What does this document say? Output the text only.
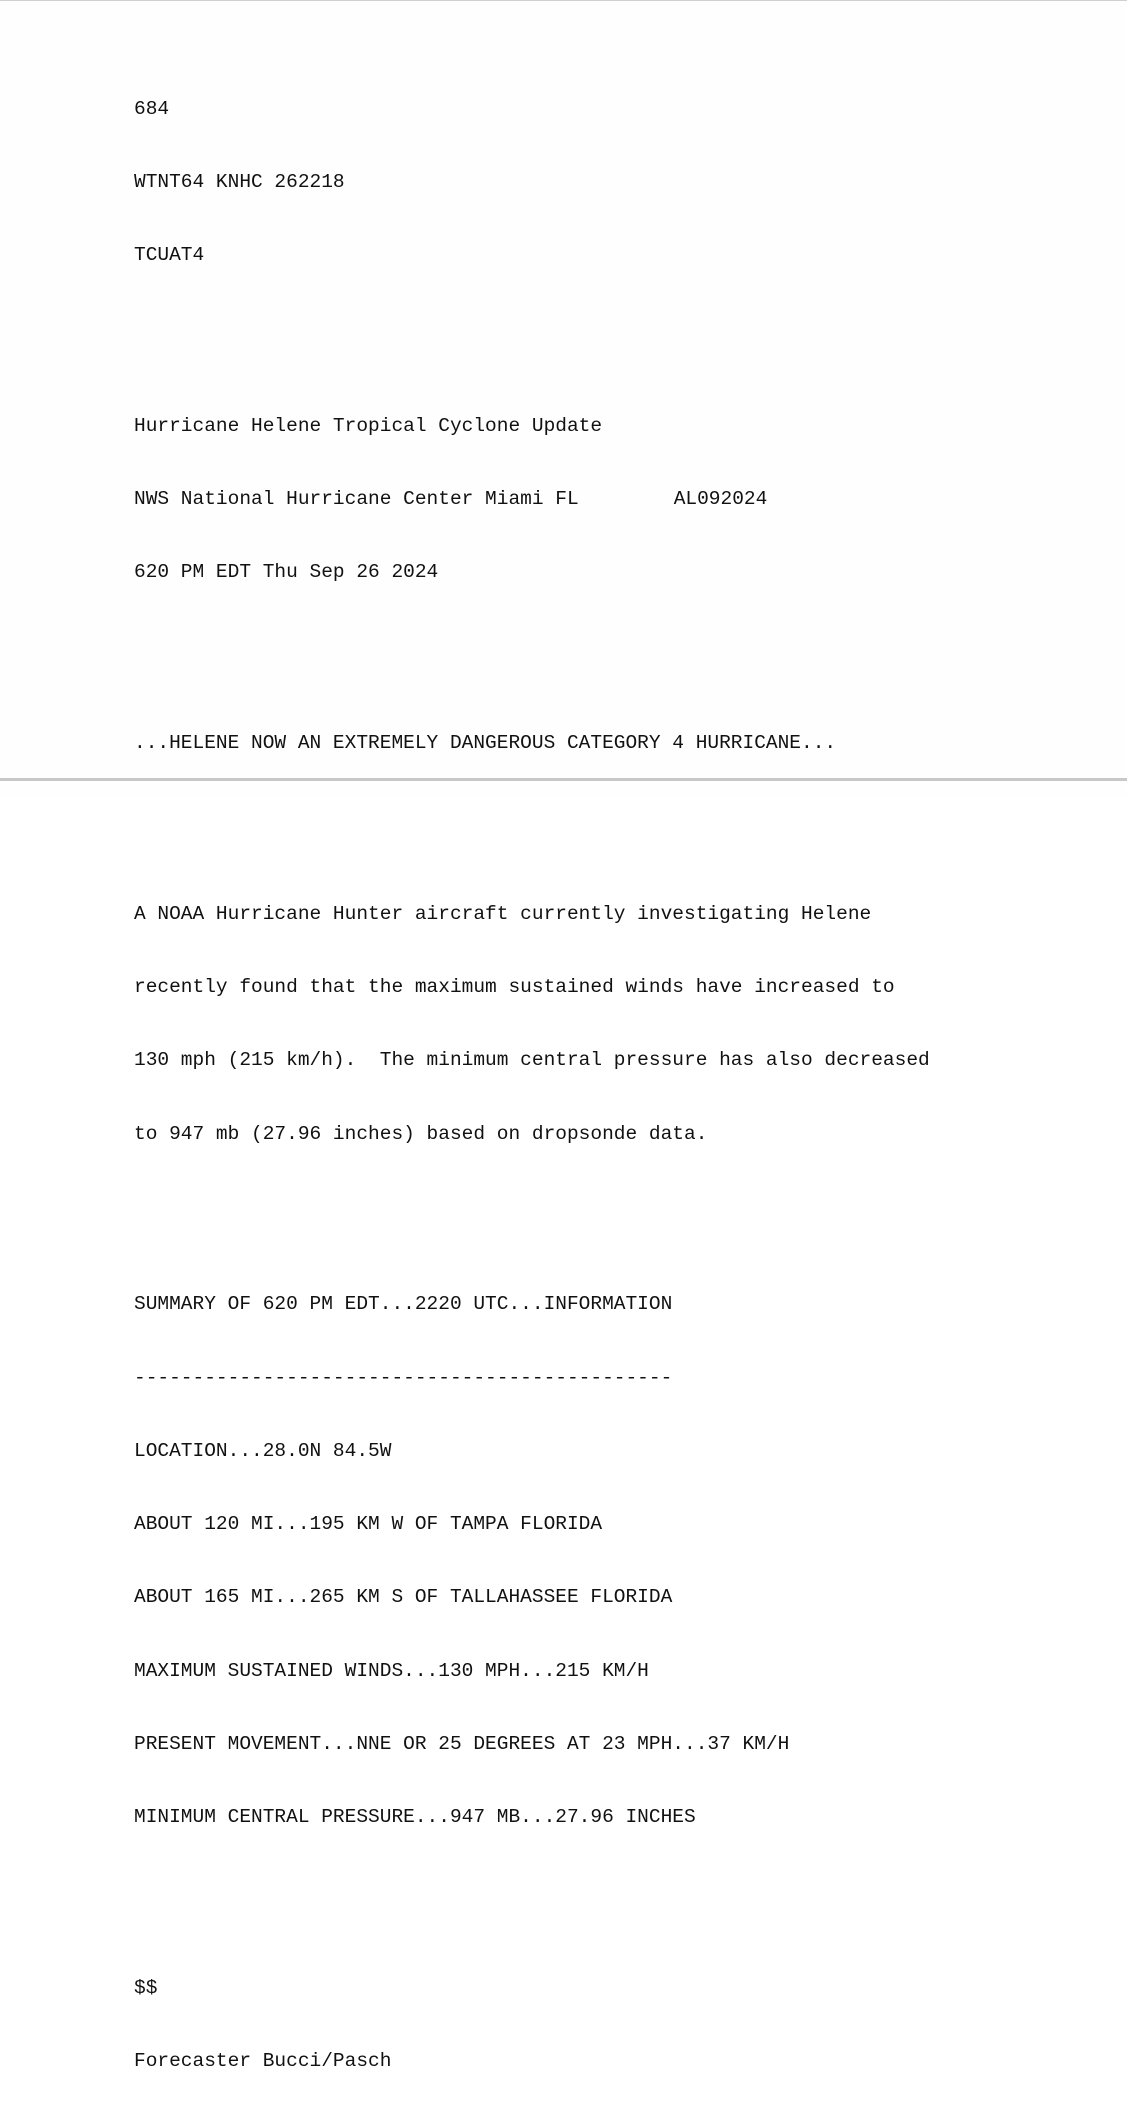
684

WTNT64 KNHC 262218

TCUAT4

Hurricane Helene Tropical Cyclone Update

NWS National Hurricane Center Miami FL	AL092024

620 PM EDT Thu Sep 26 2024

...HELENE NOW AN EXTREMELY DANGEROUS CATEGORY 4 HURRICANE...

A NOAA Hurricane Hunter aircraft currently investigating Helene

recently found that the maximum sustained winds have increased to

130 mph (215 km/h).  The minimum central pressure has also decreased

to 947 mb (27.96 inches) based on dropsonde data.

SUMMARY OF 620 PM EDT...2220 UTC...INFORMATION

----------------------------------------------

LOCATION...28.0N 84.5W

ABOUT 120 MI...195 KM W OF TAMPA FLORIDA

ABOUT 165 MI...265 KM S OF TALLAHASSEE FLORIDA

MAXIMUM SUSTAINED WINDS...130 MPH...215 KM/H

PRESENT MOVEMENT...NNE OR 25 DEGREES AT 23 MPH...37 KM/H

MINIMUM CENTRAL PRESSURE...947 MB...27.96 INCHES

$$

Forecaster Bucci/Pasch
